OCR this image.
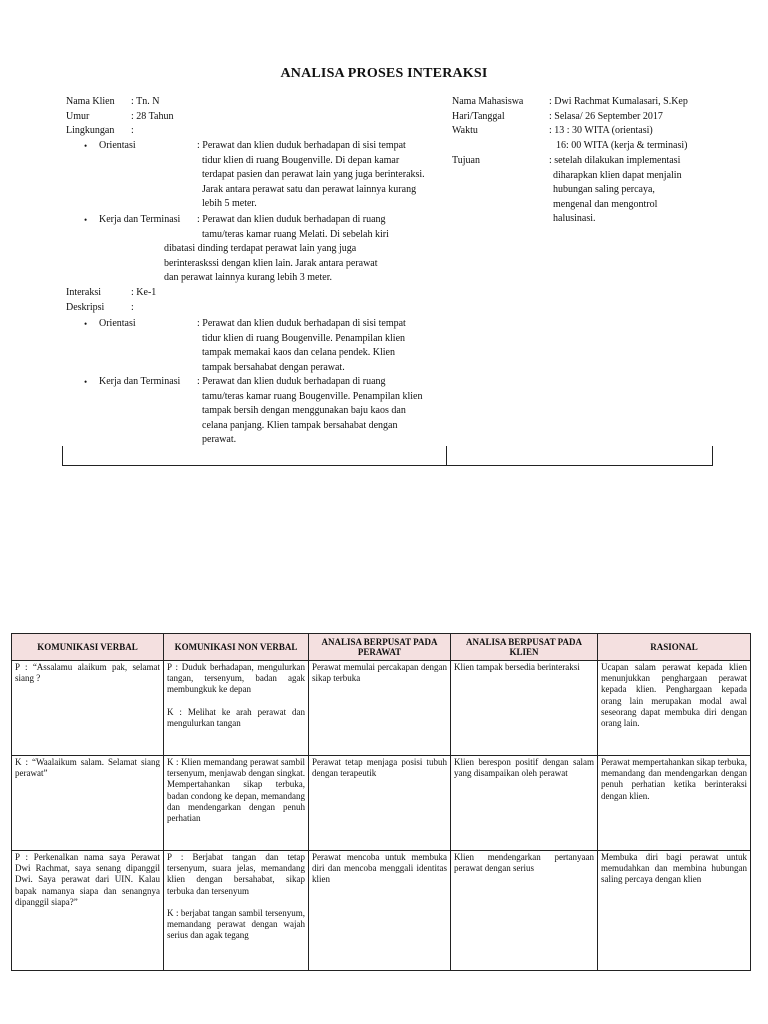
ANALISA PROSES INTERAKSI
Nama Klien : Tn. N
Umur	: 28 Tahun
Lingkungan :
• Orientasi	: Perawat dan klien duduk berhadapan di sisi tempat
tidur klien di ruang Bougenville. Di depan kamar
terdapat pasien dan perawat lain yang juga berinteraksi.
Jarak antara perawat satu dan perawat lainnya kurang
lebih 5 meter.
• Kerja dan Terminasi	: Perawat dan klien duduk berhadapan di ruang
tamu/teras kamar ruang Melati. Di sebelah kiri
dibatasi dinding terdapat perawat lain yang juga
berinteraskssi dengan klien lain. Jarak antara perawat
dan perawat lainnya kurang lebih 3 meter.
Interaksi	: Ke-1
Deskripsi	:
• Orientasi	: Perawat dan klien duduk berhadapan di sisi tempat
tidur klien di ruang Bougenville. Penampilan klien
tampak memakai kaos dan celana pendek. Klien
tampak bersahabat dengan perawat.
• Kerja dan Terminasi : Perawat dan klien duduk berhadapan di ruang
tamu/teras kamar ruang Bougenville. Penampilan klien
tampak bersih dengan menggunakan baju kaos dan
celana panjang. Klien tampak bersahabat dengan
perawat.
Nama Mahasiswa	: Dwi Rachmat Kumalasari, S.Kep
Hari/Tanggal	: Selasa/ 26 September 2017
Waktu	: 13 : 30 WITA (orientasi)
16: 00 WITA (kerja & terminasi)
Tujuan	: setelah dilakukan implementasi
diharapkan klien dapat menjalin
hubungan saling percaya,
mengenal dan mengontrol
halusinasi.
KOMUNIKASI VERBAL	KOMUNIKASI NON VERBAL	ANALISA BERPUSAT PADA PERAWAT	ANALISA BERPUSAT PADA KLIEN	RASIONAL

P : “Assalamu alaikum pak, selamat siang ?	P : Duduk berhadapan, mengulurkan tangan, tersenyum, badan agak membungkuk ke depan

K : Melihat ke arah perawat dan mengulurkan tangan	Perawat memulai percakapan dengan sikap terbuka	Klien tampak bersedia berinteraksi	Ucapan salam perawat kepada klien menunjukkan penghargaan perawat kepada klien. Penghargaan kepada orang lain merupakan modal awal seseorang dapat membuka diri dengan orang lain.

K : “Waalaikum salam. Selamat siang perawat”	K : Klien memandang perawat sambil tersenyum, menjawab dengan singkat. Mempertahankan sikap terbuka, badan condong ke depan, memandang dan mendengarkan dengan penuh perhatian	Perawat tetap menjaga posisi tubuh dengan terapeutik	Klien berespon positif dengan salam yang disampaikan oleh perawat	Perawat mempertahankan sikap terbuka, memandang dan mendengarkan dengan penuh perhatian ketika berinteraksi dengan klien.

P : Perkenalkan nama saya Perawat Dwi Rachmat, saya senang dipanggil Dwi. Saya perawat dari UIN. Kalau bapak namanya siapa dan senangnya dipanggil siapa?”	P : Berjabat tangan dan tetap tersenyum, suara jelas, memandang klien dengan bersahabat, sikap terbuka dan tersenyum

K : berjabat tangan sambil tersenyum, memandang perawat dengan wajah serius dan agak tegang	Perawat mencoba untuk membuka diri dan mencoba menggali identitas klien	Klien mendengarkan pertanyaan perawat dengan serius	Membuka diri bagi perawat untuk memudahkan dan membina hubungan saling percaya dengan klien
